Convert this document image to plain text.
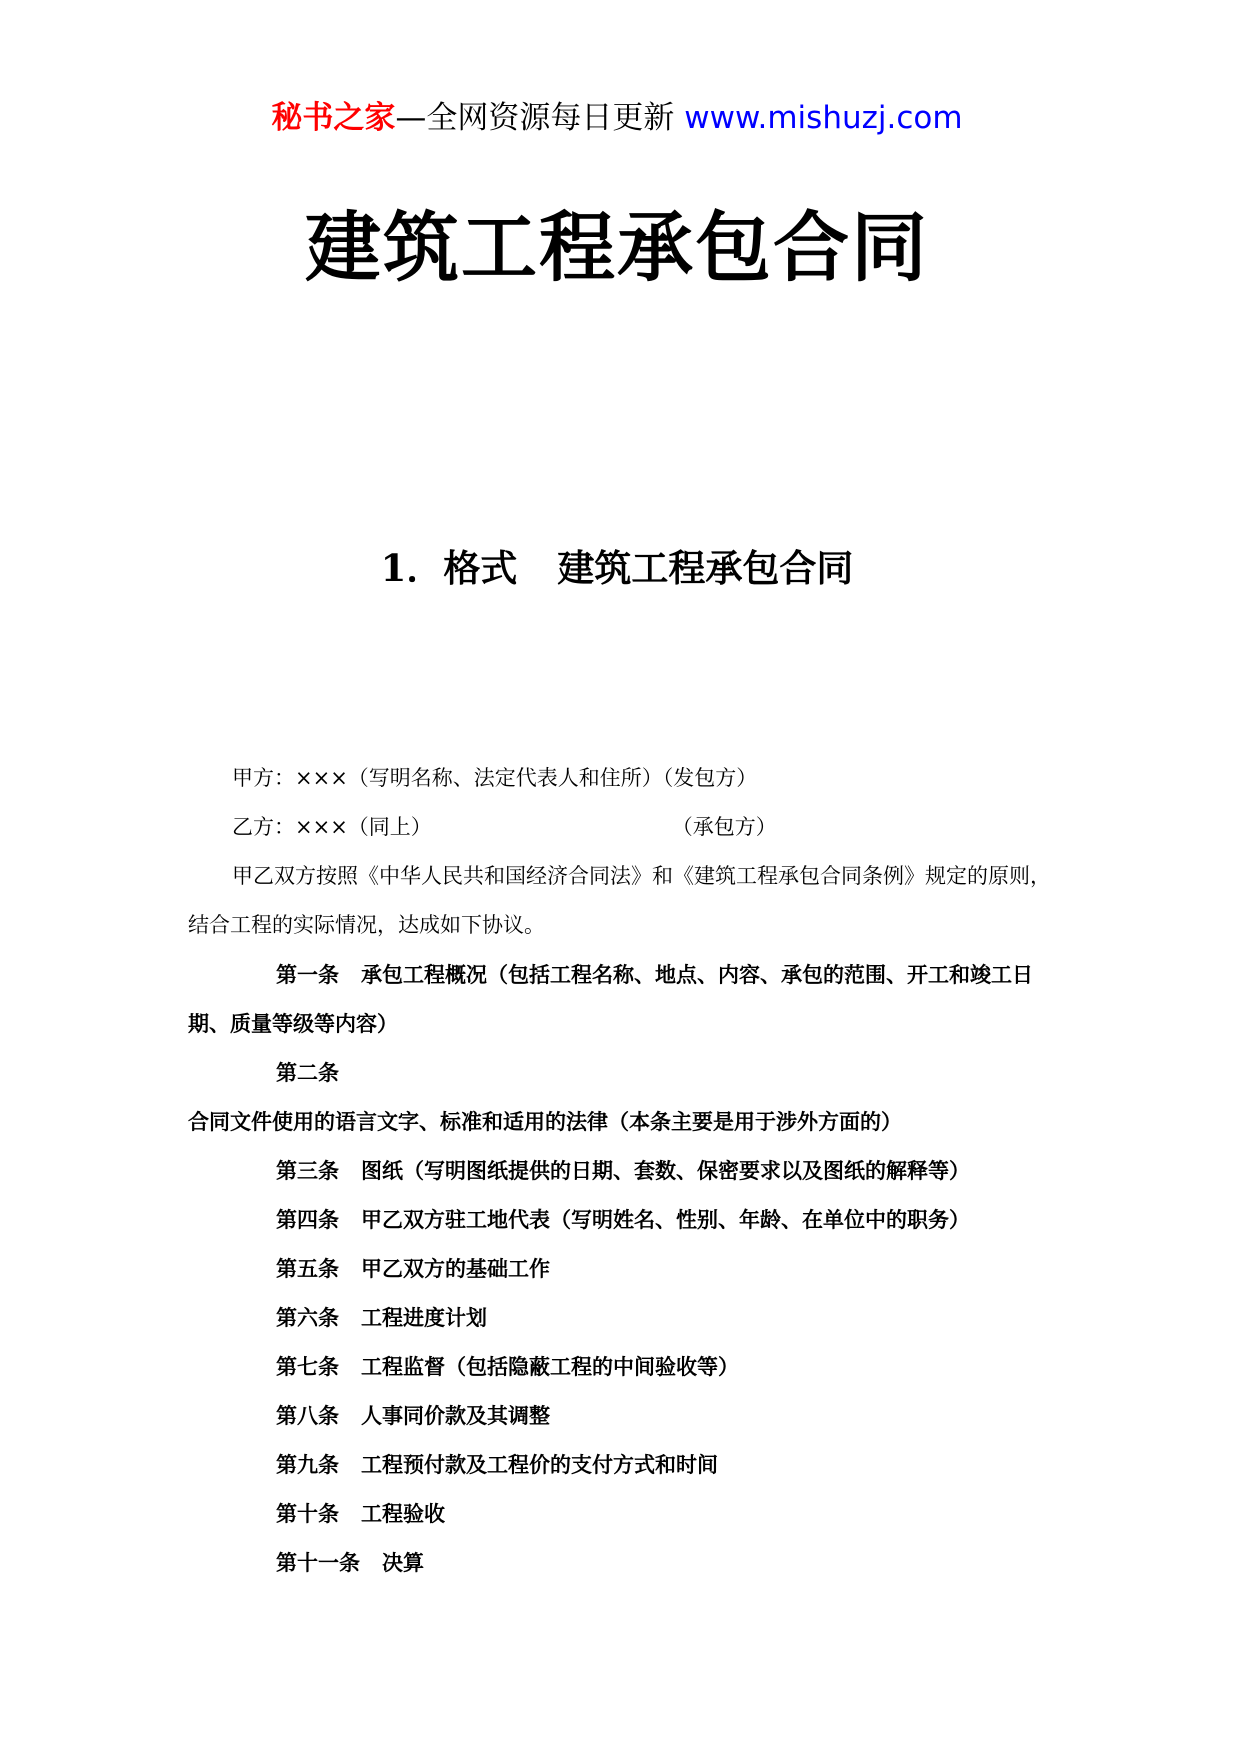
秘书之家—全网资源每日更新 www.mishuzj.com
建筑工程承包合同
1．格式 建筑工程承包合同

甲方：×××（写明名称、法定代表人和住所）（发包方）

乙方：×××（同上）	（承包方）

甲乙双方按照《中华人民共和国经济合同法》和《建筑工程承包合同条例》规定的原则，结合工程的实际情况，达成如下协议。

第一条 承包工程概况（包括工程名称、地点、内容、承包的范围、开工和竣工日期、质量等级等内容）

第二条合同文件使用的语言文字、标准和适用的法律（本条主要是用于涉外方面的）

第三条 图纸（写明图纸提供的日期、套数、保密要求以及图纸的解释等）

第四条 甲乙双方驻工地代表（写明姓名、性别、年龄、在单位中的职务）

第五条 甲乙双方的基础工作

第六条 工程进度计划

第七条 工程监督（包括隐蔽工程的中间验收等）

第八条 人事同价款及其调整

第九条 工程预付款及工程价的支付方式和时间

第十条 工程验收

第十一条 决算
